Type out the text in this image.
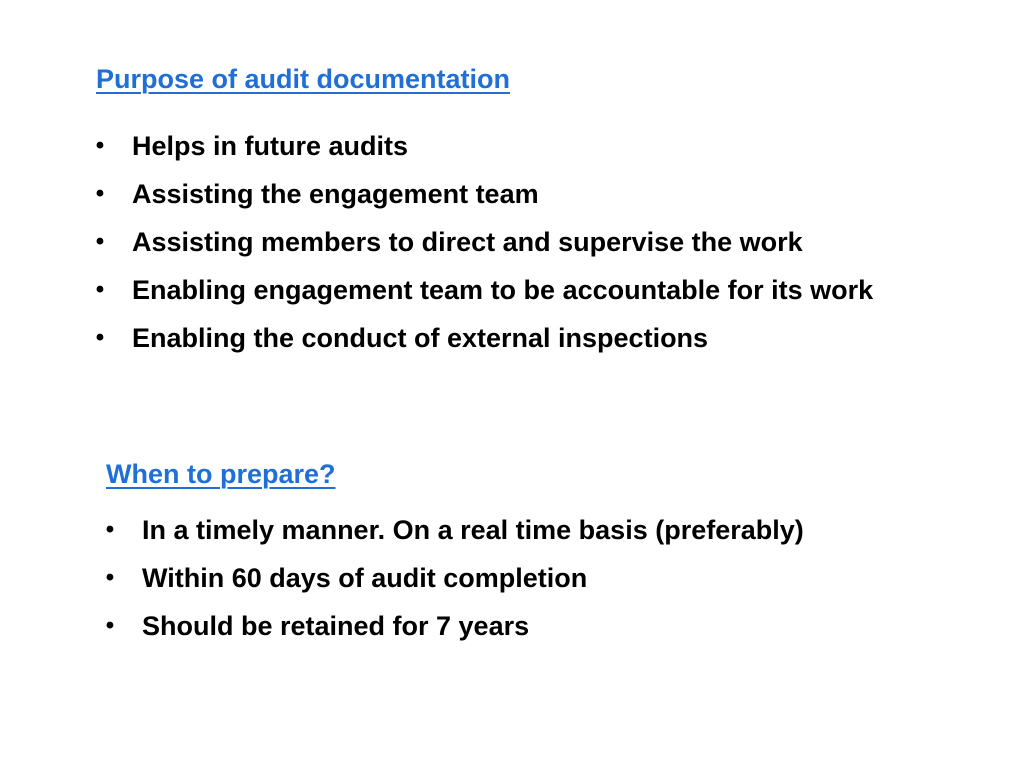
Purpose of audit documentation
• Helps in future audits
• Assisting the engagement team
• Assisting members to direct and supervise the work
• Enabling engagement team to be accountable for its work
• Enabling the conduct of external inspections
When to prepare?
• In a timely manner. On a real time basis (preferably)
• Within 60 days of audit completion
• Should be retained for 7 years
